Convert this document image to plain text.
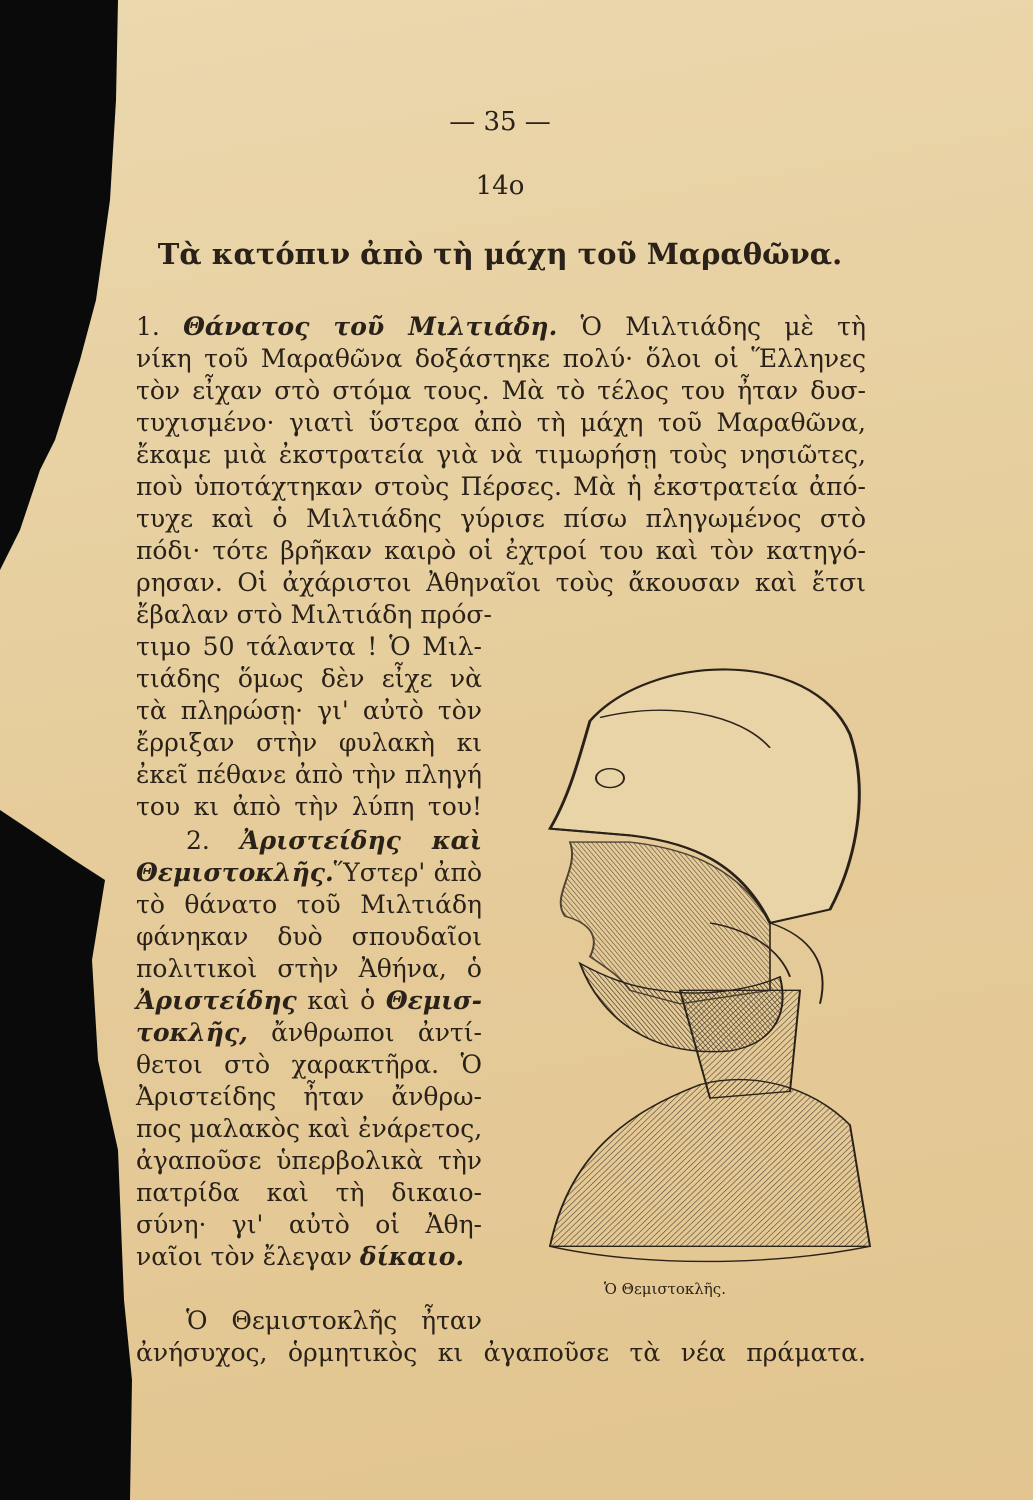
— 35 —
14o
Τὰ κατόπιν ἀπὸ τὴ μάχη τοῦ Μαραθῶνα.
1. Θάνατος τοῦ Μιλτιάδη. Ὁ Μιλτιάδης μὲ τὴ
νίκη τοῦ Μαραθῶνα δοξάστηκε πολύ· ὅλοι οἱ Ἕλληνες
τὸν εἶχαν στὸ στόμα τους. Μὰ τὸ τέλος του ἦταν δυσ-
τυχισμένο· γιατὶ ὕστερα ἀπὸ τὴ μάχη τοῦ Μαραθῶνα,
ἔκαμε μιὰ ἐκστρατεία γιὰ νὰ τιμωρήσῃ τοὺς νησιῶτες,
ποὺ ὑποτάχτηκαν στοὺς Πέρσες. Μὰ ἡ ἐκστρατεία ἀπό-
τυχε καὶ ὁ Μιλτιάδης γύρισε πίσω πληγωμένος στὸ
πόδι· τότε βρῆκαν καιρὸ οἱ ἐχτροί του καὶ τὸν κατηγό-
ρησαν. Οἱ ἀχάριστοι Ἀθηναῖοι τοὺς ἄκουσαν καὶ ἔτσι
ἔβαλαν στὸ Μιλτιάδη πρόσ-
τιμο 50 τάλαντα ! Ὁ Μιλ-
τιάδης ὅμως δὲν εἶχε νὰ
τὰ πληρώσῃ· γι' αὐτὸ τὸν
ἔρριξαν στὴν φυλακὴ κι
ἐκεῖ πέθανε ἀπὸ τὴν πληγή
του κι ἀπὸ τὴν λύπη του!
2. Ἀριστείδης καὶ
Θεμιστοκλῆς.Ὕστερ' ἀπὸ
τὸ θάνατο τοῦ Μιλτιάδη
φάνηκαν δυὸ σπουδαῖοι
πολιτικοὶ στὴν Ἀθήνα, ὁ
Ἀριστείδης καὶ ὁ Θεμισ-
τοκλῆς, ἄνθρωποι ἀντί-
θετοι στὸ χαρακτῆρα. Ὁ
Ἀριστείδης ἦταν ἄνθρω-
πος μαλακὸς καὶ ἐνάρετος,
ἀγαποῦσε ὑπερβολικὰ τὴν
πατρίδα καὶ τὴ δικαιο-
σύνη· γι' αὐτὸ οἱ Ἀθη-
ναῖοι τὸν ἔλεγαν δίκαιο.
Ὁ Θεμιστοκλῆς ἦταν
ἀνήσυχος, ὁρμητικὸς κι ἀγαποῦσε τὰ νέα πράματα.
Ὁ Θεμιστοκλῆς.
